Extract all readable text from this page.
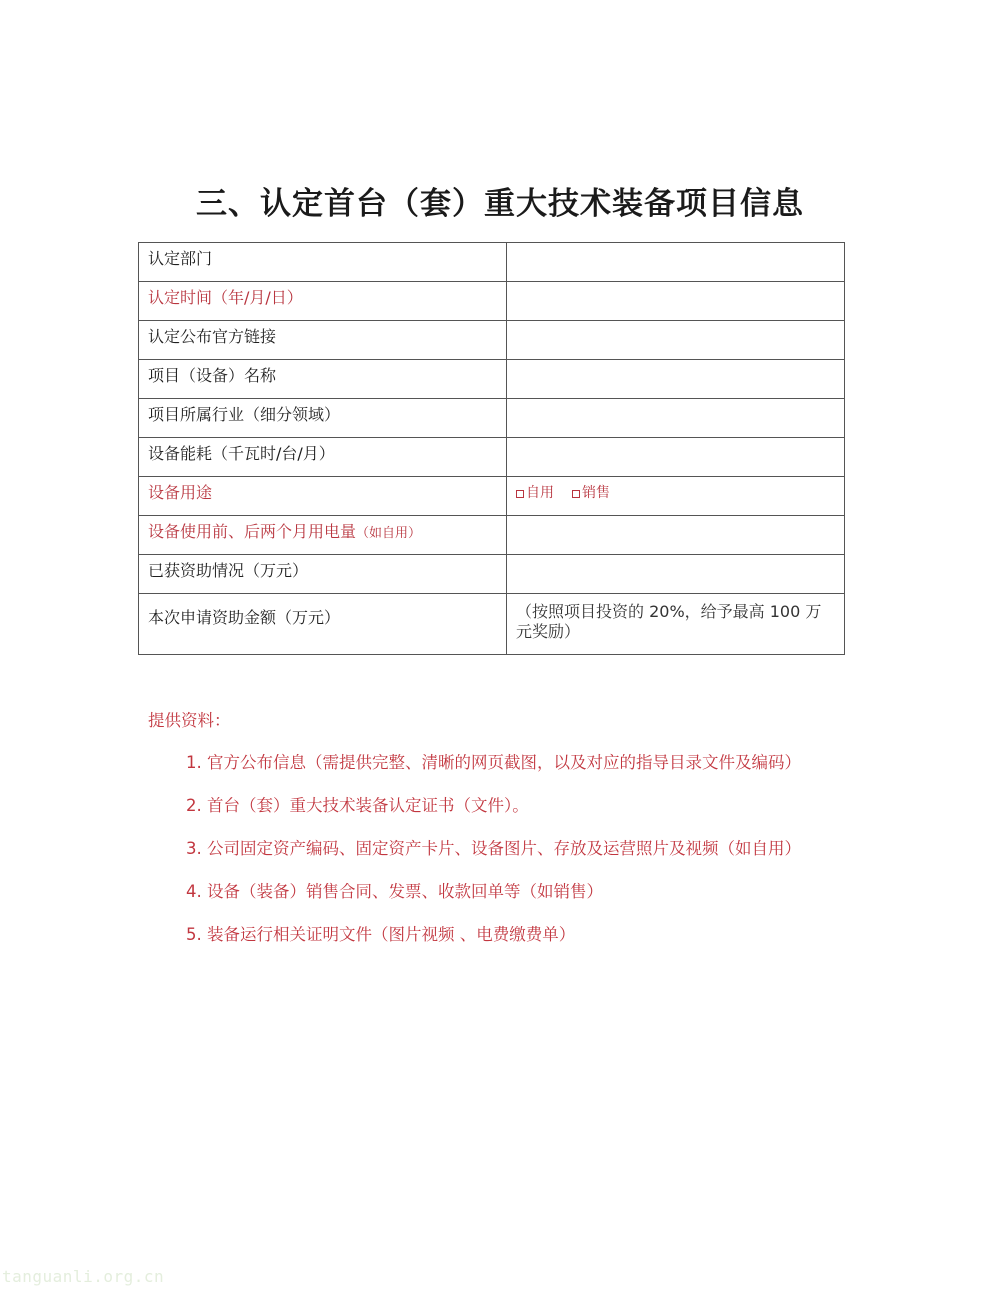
三、认定首台（套）重大技术装备项目信息
认定部门	
认定时间（年/月/日）	
认定公布官方链接	
项目（设备）名称	
项目所属行业（细分领域）	
设备能耗（千瓦时/台/月）	
设备用途	自用 销售

设备使用前、后两个月用电量（如自用）	
已获资助情况（万元）	
本次申请资助金额（万元）	（按照项目投资的 20%，给予最高 100 万元奖励）
提供资料：
1. 官方公布信息（需提供完整、清晰的网页截图，以及对应的指导目录文件及编码）
2. 首台（套）重大技术装备认定证书（文件）。
3. 公司固定资产编码、固定资产卡片、设备图片、存放及运营照片及视频（如自用）
4. 设备（装备）销售合同、发票、收款回单等（如销售）
5. 装备运行相关证明文件（图片视频 、电费缴费单）
tanguanli.org.cn
